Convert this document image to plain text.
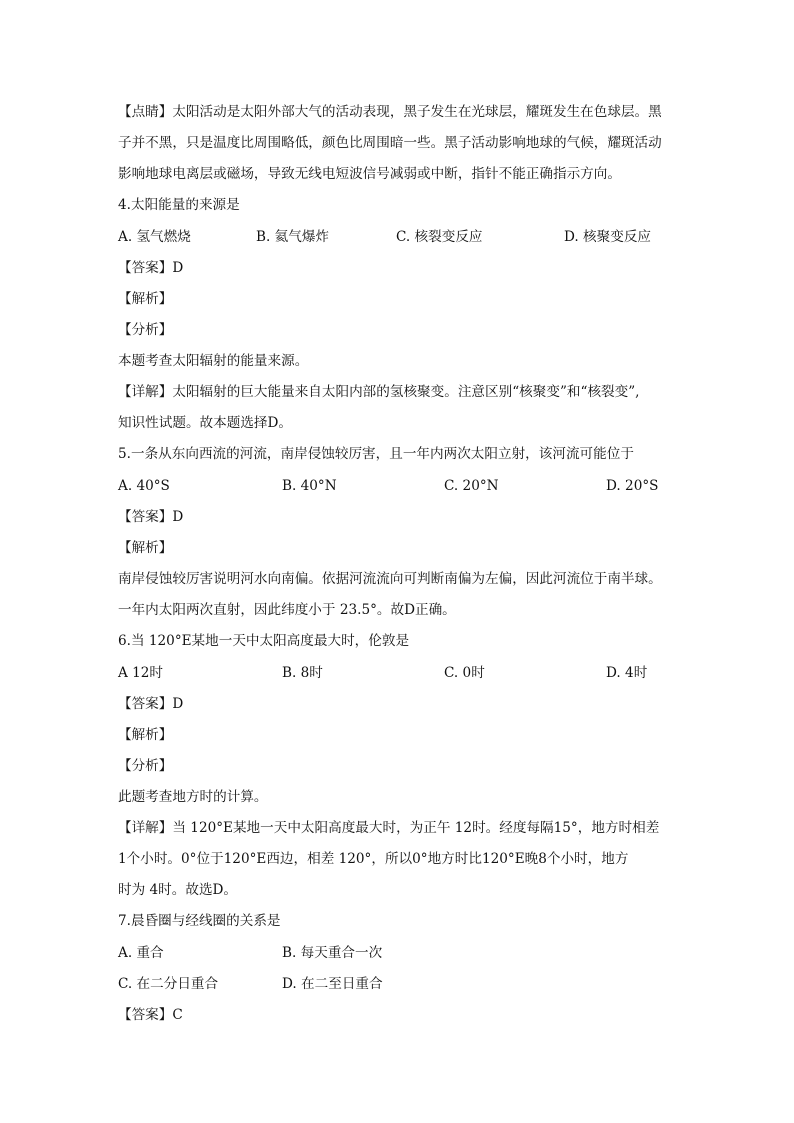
【点睛】太阳活动是太阳外部大气的活动表现，黑子发生在光球层，耀斑发生在色球层。黑
子并不黑，只是温度比周围略低，颜色比周围暗一些。黑子活动影响地球的气候，耀斑活动
影响地球电离层或磁场，导致无线电短波信号减弱或中断，指针不能正确指示方向。
4.太阳能量的来源是
A. 氢气燃烧	B. 氦气爆炸	C. 核裂变反应	D. 核聚变反应
【答案】D
【解析】
【分析】
本题考查太阳辐射的能量来源。
【详解】太阳辐射的巨大能量来自太阳内部的氢核聚变。注意区别“核聚变”和“核裂变”,
知识性试题。故本题选择D。
5.一条从东向西流的河流，南岸侵蚀较厉害，且一年内两次太阳立射，该河流可能位于
A. 40°S	B. 40°N	C. 20°N	D. 20°S
【答案】D
【解析】
南岸侵蚀较厉害说明河水向南偏。依据河流流向可判断南偏为左偏，因此河流位于南半球。
一年内太阳两次直射，因此纬度小于 23.5°。故D正确。
6.当 120°E某地一天中太阳高度最大时，伦敦是
A 12时	B. 8时	C. 0时	D. 4时
【答案】D
【解析】
【分析】
此题考查地方时的计算。
【详解】当 120°E某地一天中太阳高度最大时，为正午 12时。经度每隔15°，地方时相差
1个小时。0°位于120°E西边，相差 120°，所以0°地方时比120°E晚8个小时，地方
时为 4时。故选D。
7.晨昏圈与经线圈的关系是
A. 重合	B. 每天重合一次
C. 在二分日重合	D. 在二至日重合
【答案】C
